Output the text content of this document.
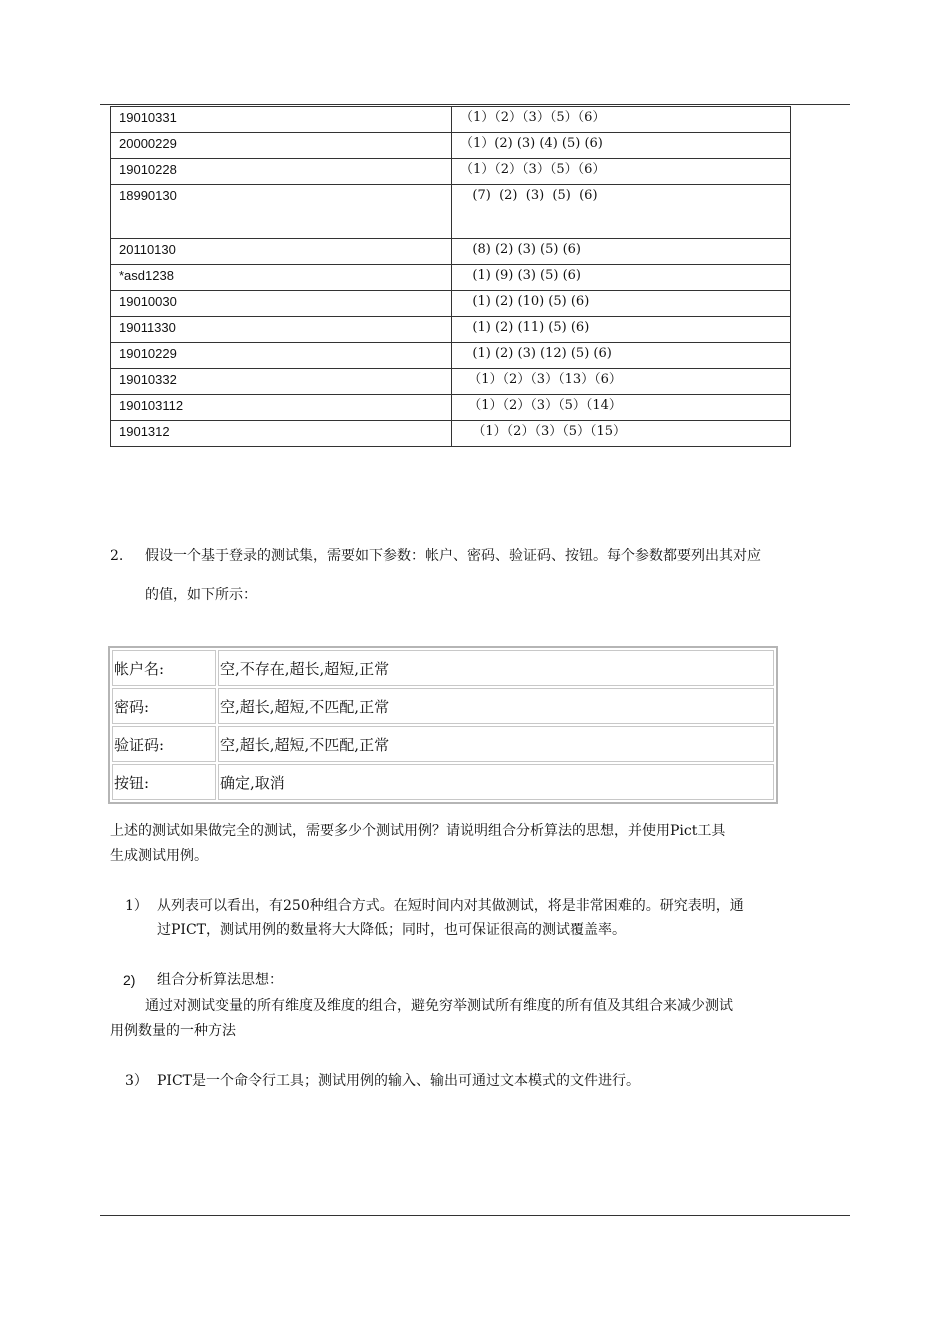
19010331	（1）（2）（3）（5）（6）
20000229	（1）(2) (3) (4) (5) (6)
19010228	（1）（2）（3）（5）（6）
18990130	(7)  (2)  (3)  (5)  (6)
20110130	(8) (2) (3) (5) (6)
*asd1238	(1) (9) (3) (5) (6)
19010030	(1) (2) (10) (5) (6)
19011330	(1) (2) (11) (5) (6)
19010229	(1) (2) (3) (12) (5) (6)
19010332	（1）（2）（3）（13）（6）
190103112	（1）（2）（3）（5）（14）
1901312	（1）（2）（3）（5）（15）
2. 假设一个基于登录的测试集，需要如下参数：帐户、密码、验证码、按钮。每个参数都要列出其对应
的值，如下所示：
帐户名:	空,不存在,超长,超短,正常
密码:	空,超长,超短,不匹配,正常
验证码:	空,超长,超短,不匹配,正常
按钮:	确定,取消
上述的测试如果做完全的测试，需要多少个测试用例？请说明组合分析算法的思想，并使用Pict工具
生成测试用例。
1） 从列表可以看出，有250种组合方式。在短时间内对其做测试，将是非常困难的。研究表明，通
过PICT，测试用例的数量将大大降低；同时，也可保证很高的测试覆盖率。
2) 组合分析算法思想：
通过对测试变量的所有维度及维度的组合，避免穷举测试所有维度的所有值及其组合来减少测试
用例数量的一种方法
3） PICT是一个命令行工具；测试用例的输入、输出可通过文本模式的文件进行。
